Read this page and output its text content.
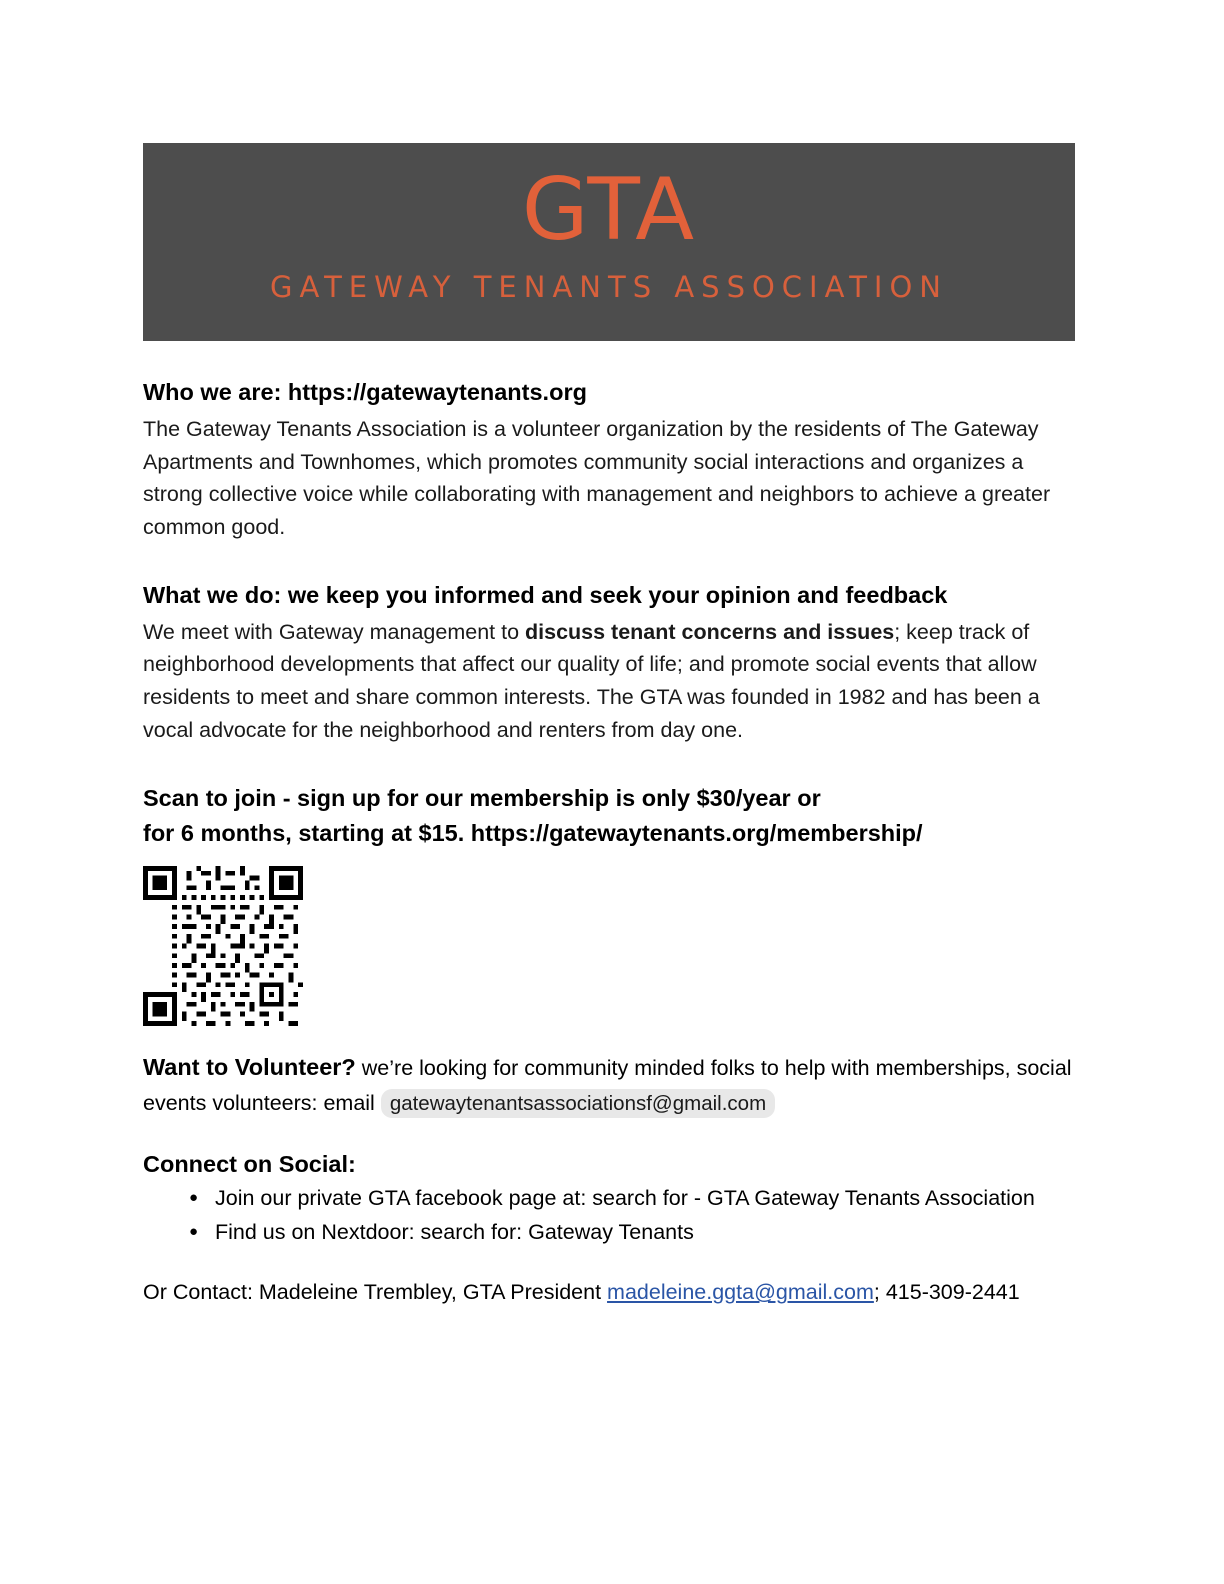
GTA
GATEWAY TENANTS ASSOCIATION
Who we are: https://gatewaytenants.org

The Gateway Tenants Association is a volunteer organization by the residents of The Gateway Apartments and Townhomes, which promotes community social interactions and organizes a strong collective voice while collaborating with management and neighbors to achieve a greater common good.

What we do: we keep you informed and seek your opinion and feedback

We meet with Gateway management to discuss tenant concerns and issues; keep track of neighborhood developments that affect our quality of life; and promote social events that allow residents to meet and share common interests. The GTA was founded in 1982 and has been a vocal advocate for the neighborhood and renters from day one.

Scan to join - sign up for our membership is only $30/year or
for 6 months, starting at $15. https://gatewaytenants.org/membership/
Want to Volunteer? we’re looking for community minded folks to help with memberships, social events volunteers: email gatewaytenantsassociationsf@gmail.com
Connect on Social:
● Join our private GTA facebook page at: search for - GTA Gateway Tenants Association
● Find us on Nextdoor: search for: Gateway Tenants
Or Contact: Madeleine Trembley, GTA President madeleine.ggta@gmail.com; 415-309-2441
